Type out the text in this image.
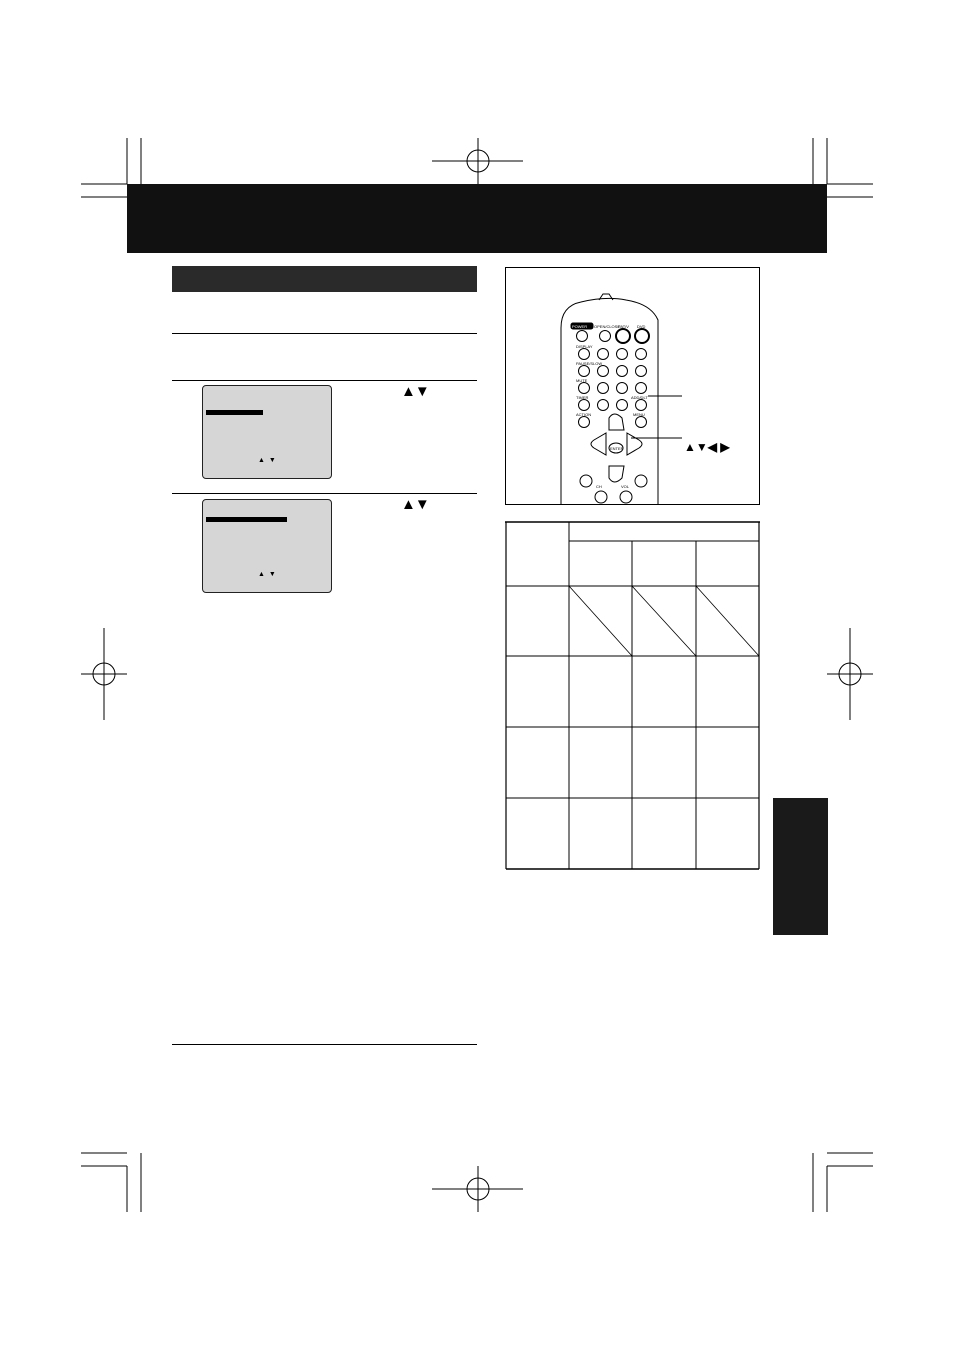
▲ ▼
▲▼
▲ ▼
▲▼
POWER OPEN/CLOSE
PAT/V DVD
DISPLAY
PAUSE/SLOW
MUTE
TIMER	ADD/DLT
ACTION	MENU
ENTER
CH	VOL
▲▼◀ ▶
